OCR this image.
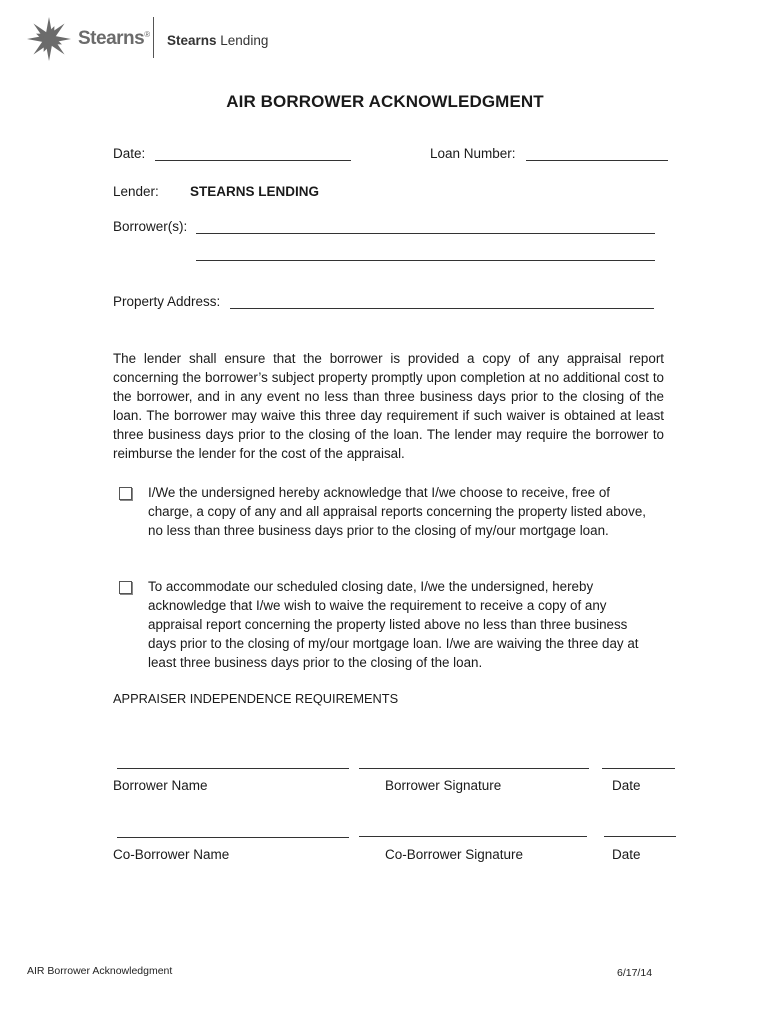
Stearns® Stearns Lending
AIR BORROWER ACKNOWLEDGMENT
Date:	Loan Number:
Lender: STEARNS LENDING
Borrower(s):
Property Address:
The lender shall ensure that the borrower is provided a copy of any appraisal report concerning the borrower’s subject property promptly upon completion at no additional cost to the borrower, and in any event no less than three business days prior to the closing of the loan. The borrower may waive this three day requirement if such waiver is obtained at least three business days prior to the closing of the loan. The lender may require the borrower to reimburse the lender for the cost of the appraisal.
I/We the undersigned hereby acknowledge that I/we choose to receive, free of charge, a copy of any and all appraisal reports concerning the property listed above, no less than three business days prior to the closing of my/our mortgage loan.
To accommodate our scheduled closing date, I/we the undersigned, hereby acknowledge that I/we wish to waive the requirement to receive a copy of any appraisal report concerning the property listed above no less than three business days prior to the closing of my/our mortgage loan. I/we are waiving the three day at least three business days prior to the closing of the loan.
APPRAISER INDEPENDENCE REQUIREMENTS
Borrower Name	Borrower Signature	Date
Co-Borrower Name	Co-Borrower Signature	Date
AIR Borrower Acknowledgment	6/17/14
